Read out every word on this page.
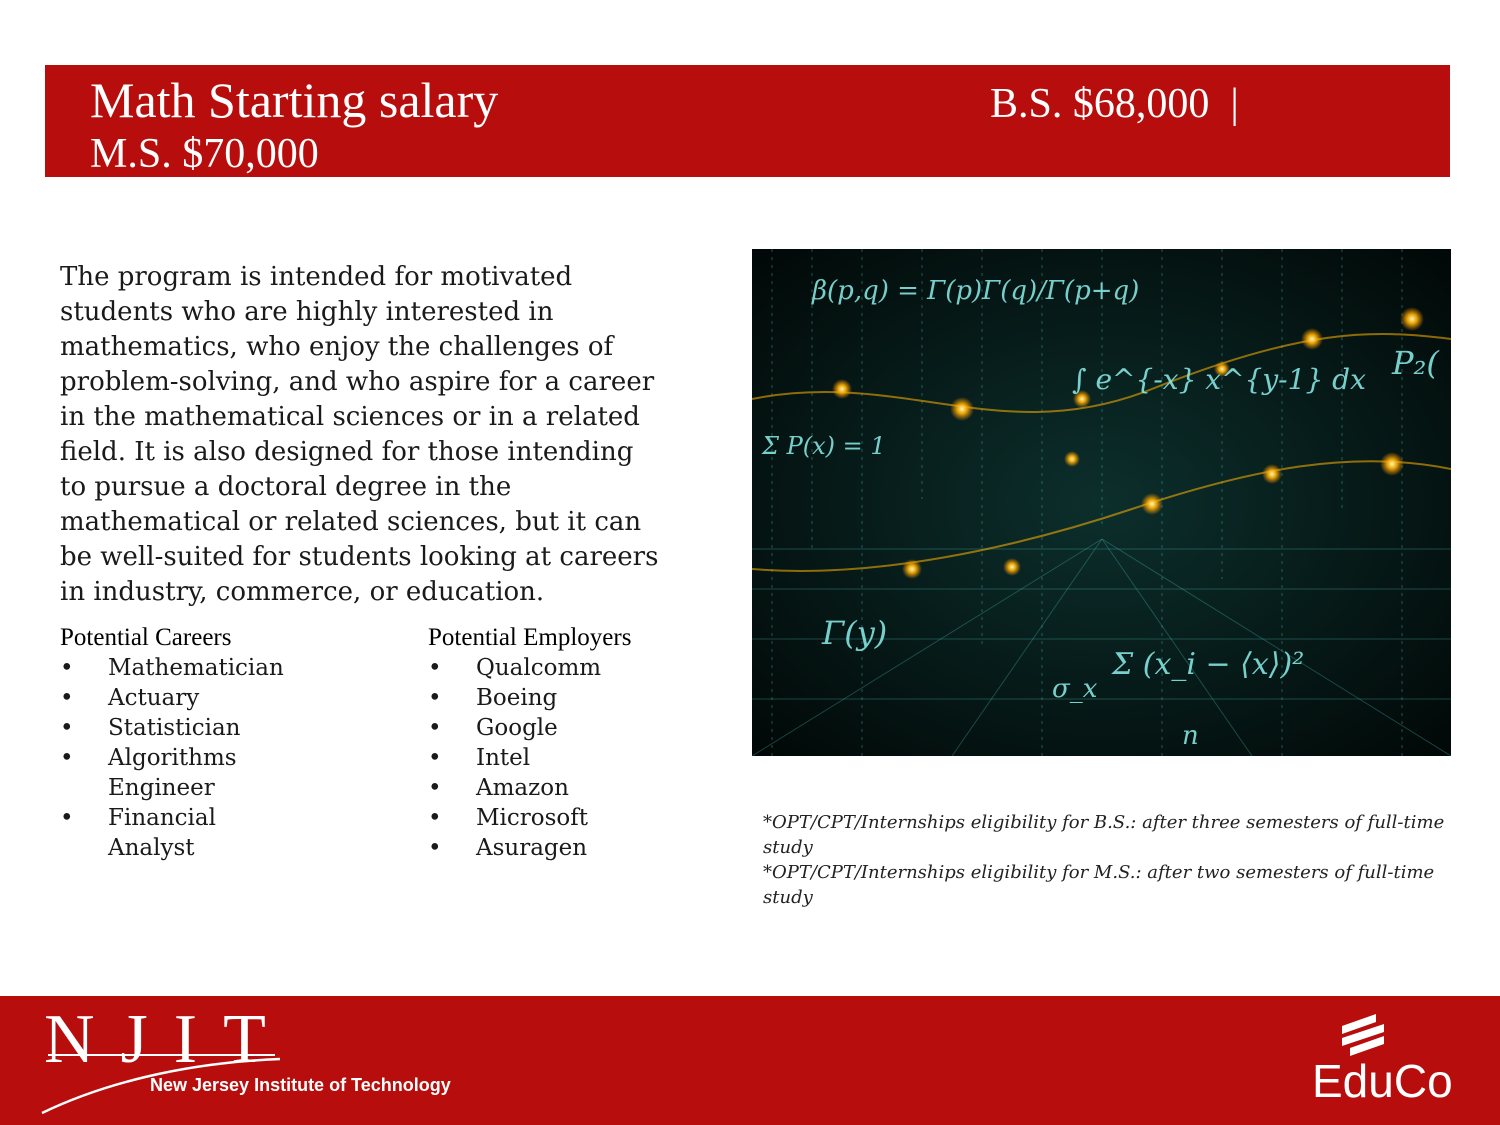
Math Starting salary	B.S. $68,000  |
M.S. $70,000

The program is intended for motivated students who are highly interested in mathematics, who enjoy the challenges of problem-solving, and who aspire for a career in the mathematical sciences or in a related field. It is also designed for those intending to pursue a doctoral degree in the mathematical or related sciences, but it can be well-suited for students looking at careers in industry, commerce, or education.

Potential Careers
• Mathematician
• Actuary
• Statistician
• Algorithms Engineer
• Financial Analyst
Potential Employers
• Qualcomm
• Boeing
• Google
• Intel
• Amazon
• Microsoft
• Asuragen
β(p,q) = Γ(p)Γ(q)/Γ(p+q)
∫ e^{-x} x^{y-1} dx
Σ P(x) = 1
Γ(y)
Σ (x_i − ⟨x⟩)²
σ_x
P₂(
n

*OPT/CPT/Internships eligibility for B.S.: after three semesters of full-time study

*OPT/CPT/Internships eligibility for M.S.: after two semesters of full-time study

NJIT
New Jersey Institute of Technology	EduCo
